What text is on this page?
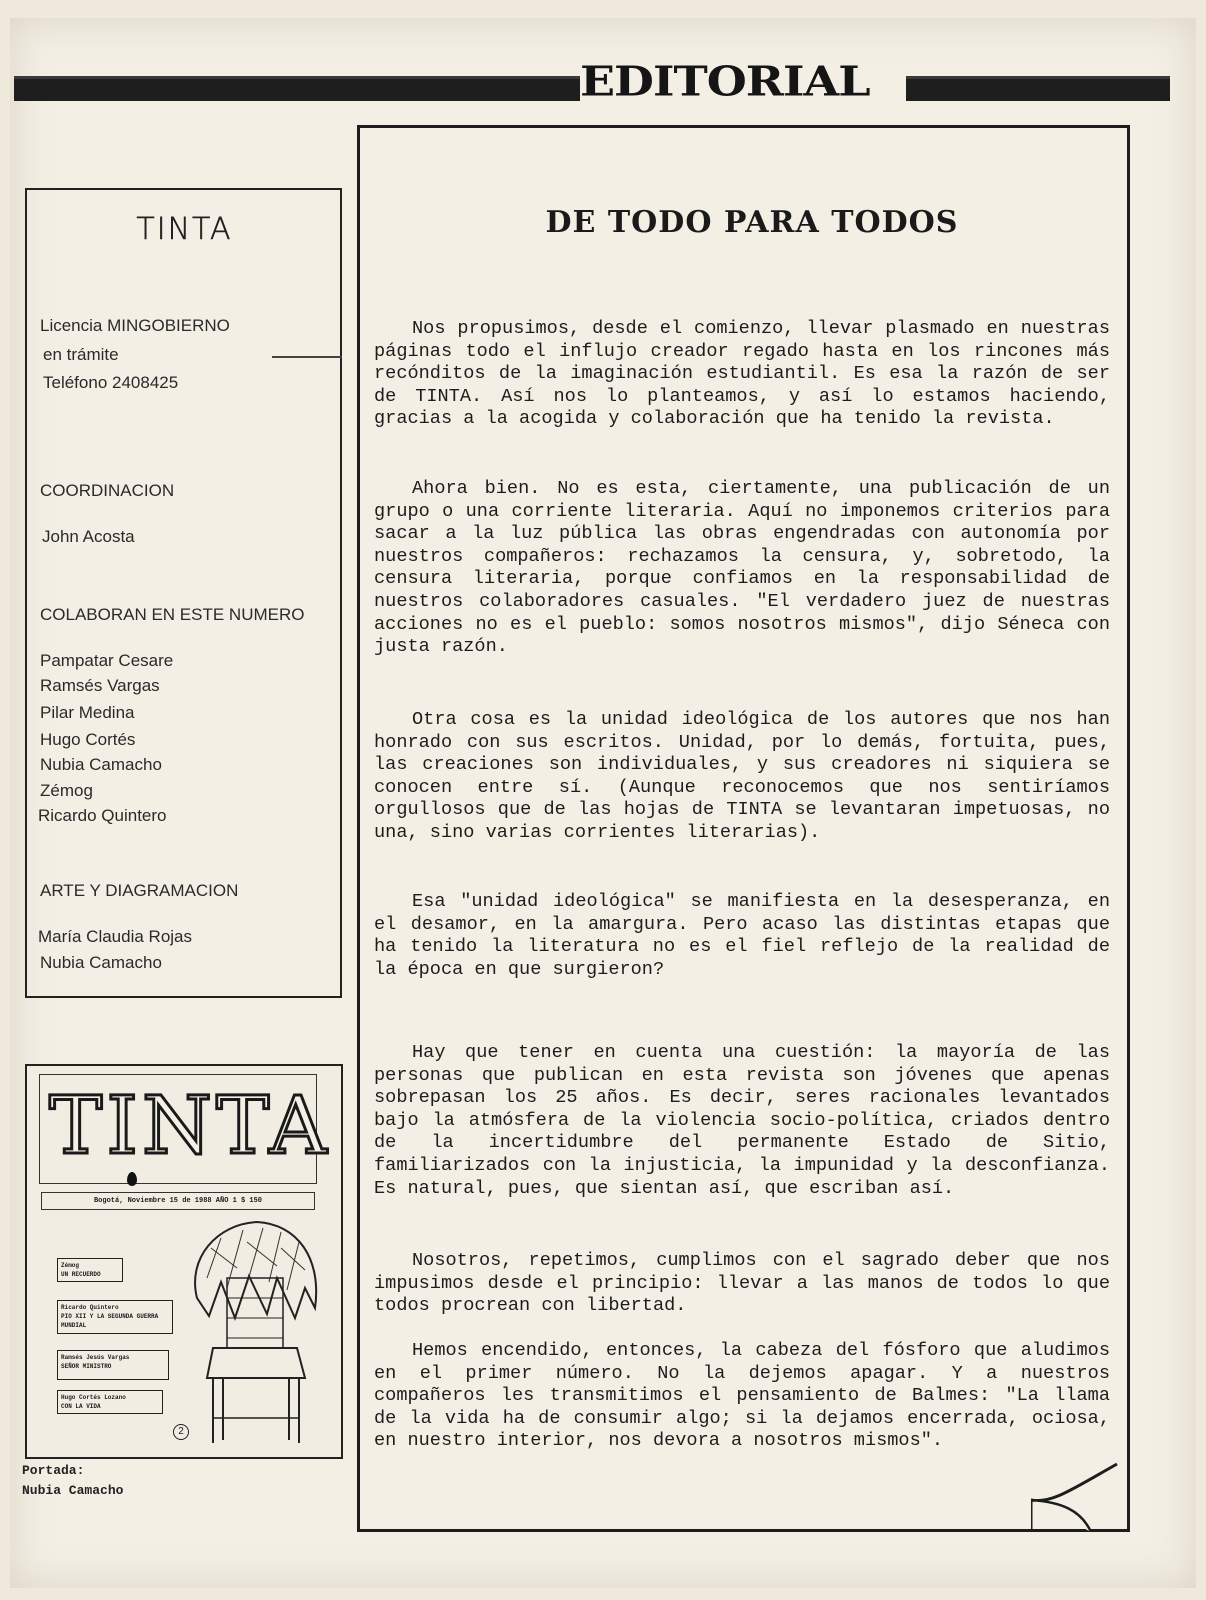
EDITORIAL
TINTA
Licencia MINGOBIERNO
en trámite
Teléfono 2408425
COORDINACION
John Acosta
COLABORAN EN ESTE NUMERO
Pampatar Cesare
Ramsés Vargas
Pilar Medina
Hugo Cortés
Nubia Camacho
Zémog
Ricardo Quintero
ARTE Y DIAGRAMACION
María Claudia Rojas
Nubia Camacho
TINTA
Bogotá, Noviembre 15 de 1988 AÑO 1 $ 150
Zémog
UN RECUERDO
Ricardo Quintero
PIO XII Y LA SEGUNDA GUERRA MUNDIAL
Ramsés Jesús Vargas
SEÑOR MINISTRO
Hugo Cortés Lozano
CON LA VIDA
2
Portada:
Nubia Camacho
DE TODO PARA TODOS
Nos propusimos, desde el comienzo, llevar plasmado en nuestras páginas todo el influjo creador regado hasta en los rincones más recónditos de la imaginación estudiantil. Es esa la razón de ser de TINTA. Así nos lo planteamos, y así lo estamos haciendo, gracias a la acogida y colaboración que ha tenido la revista.
Ahora bien. No es esta, ciertamente, una publicación de un grupo o una corriente literaria. Aquí no imponemos criterios para sacar a la luz pública las obras engendradas con autonomía por nuestros compañeros: rechazamos la censura, y, sobretodo, la censura literaria, porque confiamos en la responsabilidad de nuestros colaboradores casuales. "El verdadero juez de nuestras acciones no es el pueblo: somos nosotros mismos", dijo Séneca con justa razón.
Otra cosa es la unidad ideológica de los autores que nos han honrado con sus escritos. Unidad, por lo demás, fortuita, pues, las creaciones son individuales, y sus creadores ni siquiera se conocen entre sí. (Aunque reconocemos que nos sentiríamos orgullosos que de las hojas de TINTA se levantaran impetuosas, no una, sino varias corrientes literarias).
Esa "unidad ideológica" se manifiesta en la desesperanza, en el desamor, en la amargura. Pero acaso las distintas etapas que ha tenido la literatura no es el fiel reflejo de la realidad de la época en que surgieron?
Hay que tener en cuenta una cuestión: la mayoría de las personas que publican en esta revista son jóvenes que apenas sobrepasan los 25 años. Es decir, seres racionales levantados bajo la atmósfera de la violencia socio-política, criados dentro de la incertidumbre del permanente Estado de Sitio, familiarizados con la injusticia, la impunidad y la desconfianza. Es natural, pues, que sientan así, que escriban así.
Nosotros, repetimos, cumplimos con el sagrado deber que nos impusimos desde el principio: llevar a las manos de todos lo que todos procrean con libertad.
Hemos encendido, entonces, la cabeza del fósforo que aludimos en el primer número. No la dejemos apagar. Y a nuestros compañeros les transmitimos el pensamiento de Balmes: "La llama de la vida ha de consumir algo; si la dejamos encerrada, ociosa, en nuestro interior, nos devora a nosotros mismos".
